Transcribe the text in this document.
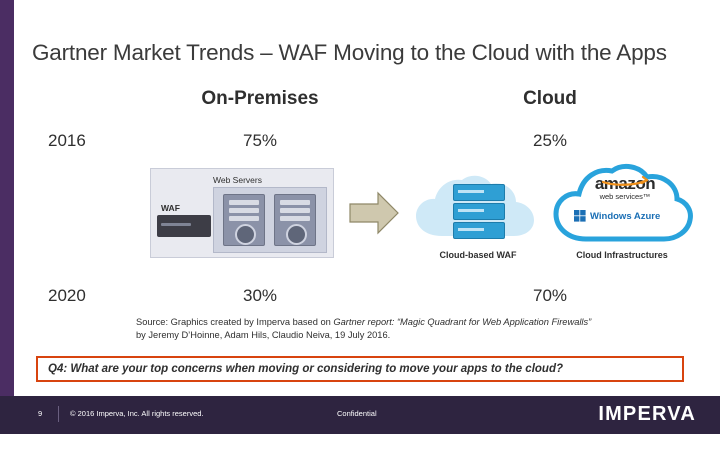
Gartner Market Trends – WAF Moving to the Cloud with the Apps
On-Premises	Cloud
2016	75%	25%
2020	30%	70%
Web Servers
WAF
Cloud-based WAF
amazon
web services™
Windows Azure
Cloud Infrastructures
Source: Graphics created by Imperva based on Gartner report: “Magic Quadrant for Web Application Firewalls”
by Jeremy D’Hoinne, Adam Hils, Claudio Neiva, 19 July 2016.
Q4: What are your top concerns when moving or considering to move your apps to the cloud?
9	© 2016 Imperva, Inc. All rights reserved.	Confidential	IMPERVA
